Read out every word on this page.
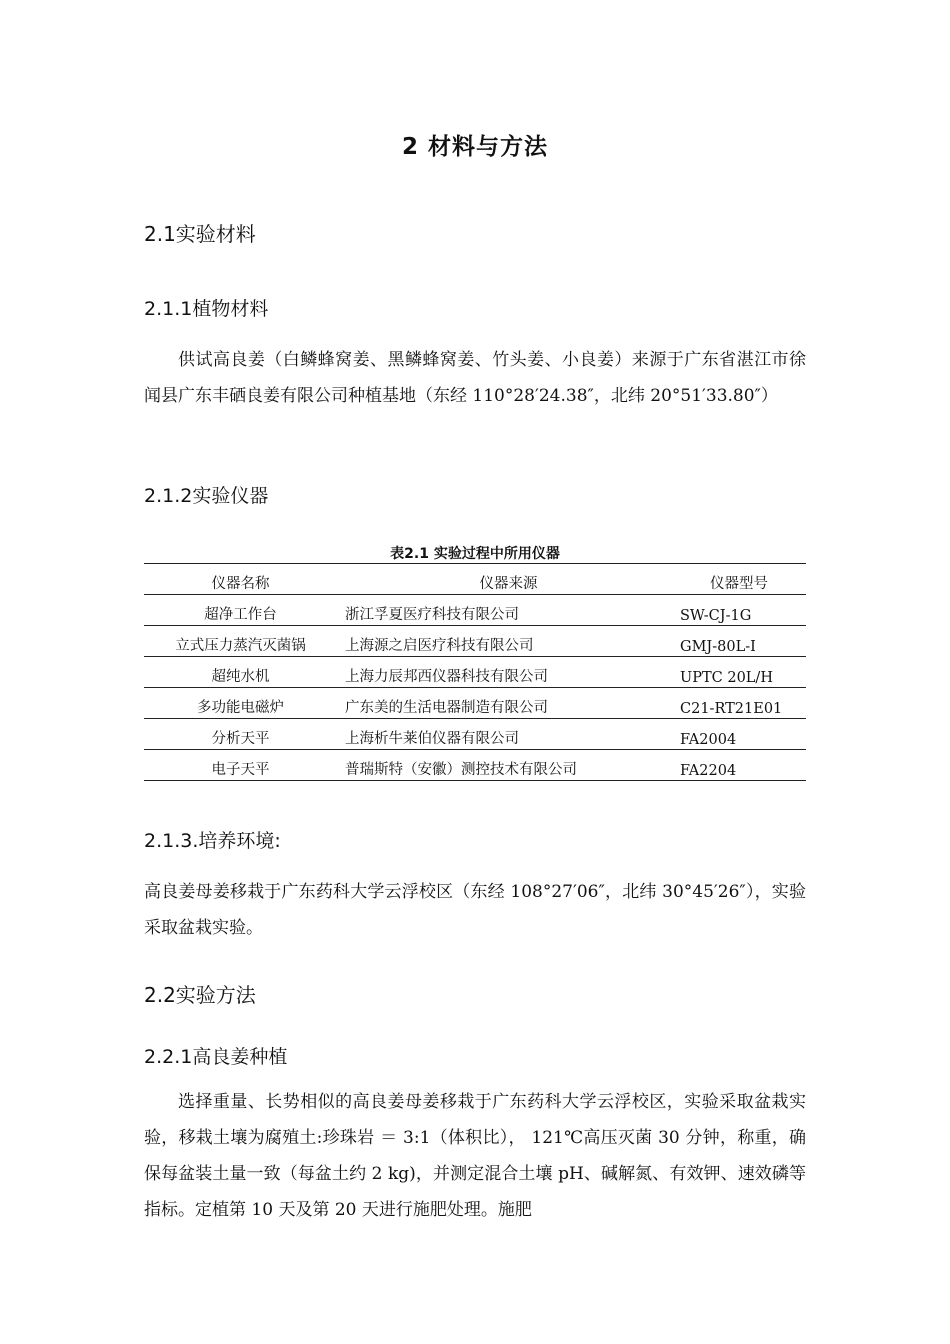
2 材料与方法
2.1实验材料
2.1.1植物材料
供试高良姜（白鳞蜂窝姜、黑鳞蜂窝姜、竹头姜、小良姜）来源于广东省湛江市徐闻县广东丰硒良姜有限公司种植基地（东经 110°28′24.38″，北纬 20°51′33.80″）
2.1.2实验仪器
表2.1 实验过程中所用仪器
仪器名称	仪器来源	仪器型号
超净工作台	浙江孚夏医疗科技有限公司	SW-CJ-1G
立式压力蒸汽灭菌锅	上海源之启医疗科技有限公司	GMJ-80L-I
超纯水机	上海力辰邦西仪器科技有限公司	UPTC 20L/H
多功能电磁炉	广东美的生活电器制造有限公司	C21-RT21E01
分析天平	上海析牛莱伯仪器有限公司	FA2004
电子天平	普瑞斯特（安徽）测控技术有限公司	FA2204
2.1.3.培养环境:
高良姜母姜移栽于广东药科大学云浮校区（东经 108°27′06″，北纬 30°45′26″），实验采取盆栽实验。
2.2实验方法
2.2.1高良姜种植
选择重量、长势相似的高良姜母姜移栽于广东药科大学云浮校区，实验采取盆栽实验，移栽土壤为腐殖土:珍珠岩 ＝ 3:1（体积比）， 121℃高压灭菌 30 分钟，称重，确保每盆装土量一致（每盆土约 2 kg)，并测定混合土壤 pH、碱解氮、有效钾、速效磷等指标。定植第 10 天及第 20 天进行施肥处理。施肥
